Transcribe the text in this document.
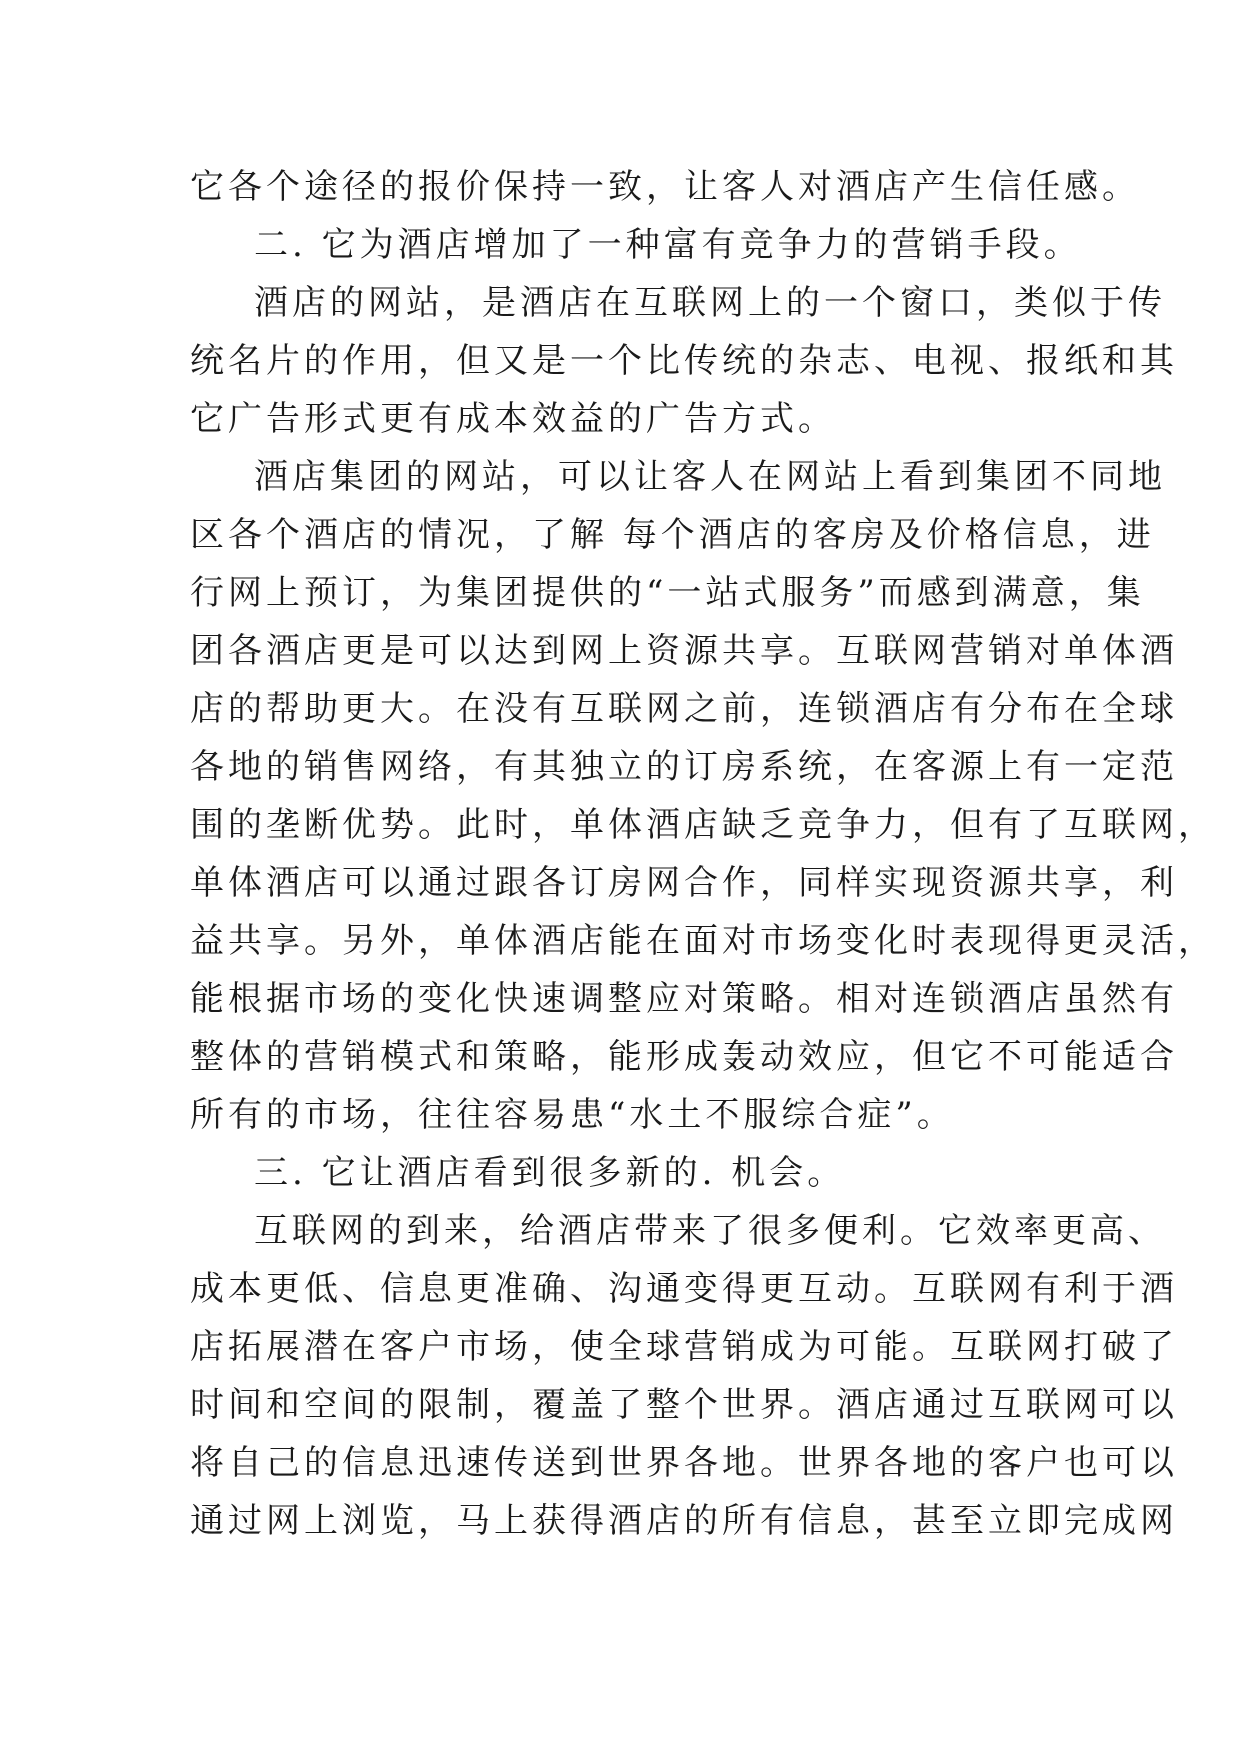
它各个途径的报价保持一致，让客人对酒店产生信任感。
二. 它为酒店增加了一种富有竞争力的营销手段。
酒店的网站，是酒店在互联网上的一个窗口，类似于传
统名片的作用，但又是一个比传统的杂志、电视、报纸和其
它广告形式更有成本效益的广告方式。
酒店集团的网站，可以让客人在网站上看到集团不同地
区各个酒店的情况，了解 每个酒店的客房及价格信息，进
行网上预订，为集团提供的“一站式服务”而感到满意，集
团各酒店更是可以达到网上资源共享。互联网营销对单体酒
店的帮助更大。在没有互联网之前，连锁酒店有分布在全球
各地的销售网络，有其独立的订房系统，在客源上有一定范
围的垄断优势。此时，单体酒店缺乏竞争力，但有了互联网，
单体酒店可以通过跟各订房网合作，同样实现资源共享，利
益共享。另外，单体酒店能在面对市场变化时表现得更灵活，
能根据市场的变化快速调整应对策略。相对连锁酒店虽然有
整体的营销模式和策略，能形成轰动效应，但它不可能适合
所有的市场，往往容易患“水土不服综合症”。
三. 它让酒店看到很多新的. 机会。
互联网的到来，给酒店带来了很多便利。它效率更高、
成本更低、信息更准确、沟通变得更互动。互联网有利于酒
店拓展潜在客户市场，使全球营销成为可能。互联网打破了
时间和空间的限制，覆盖了整个世界。酒店通过互联网可以
将自己的信息迅速传送到世界各地。世界各地的客户也可以
通过网上浏览，马上获得酒店的所有信息，甚至立即完成网
